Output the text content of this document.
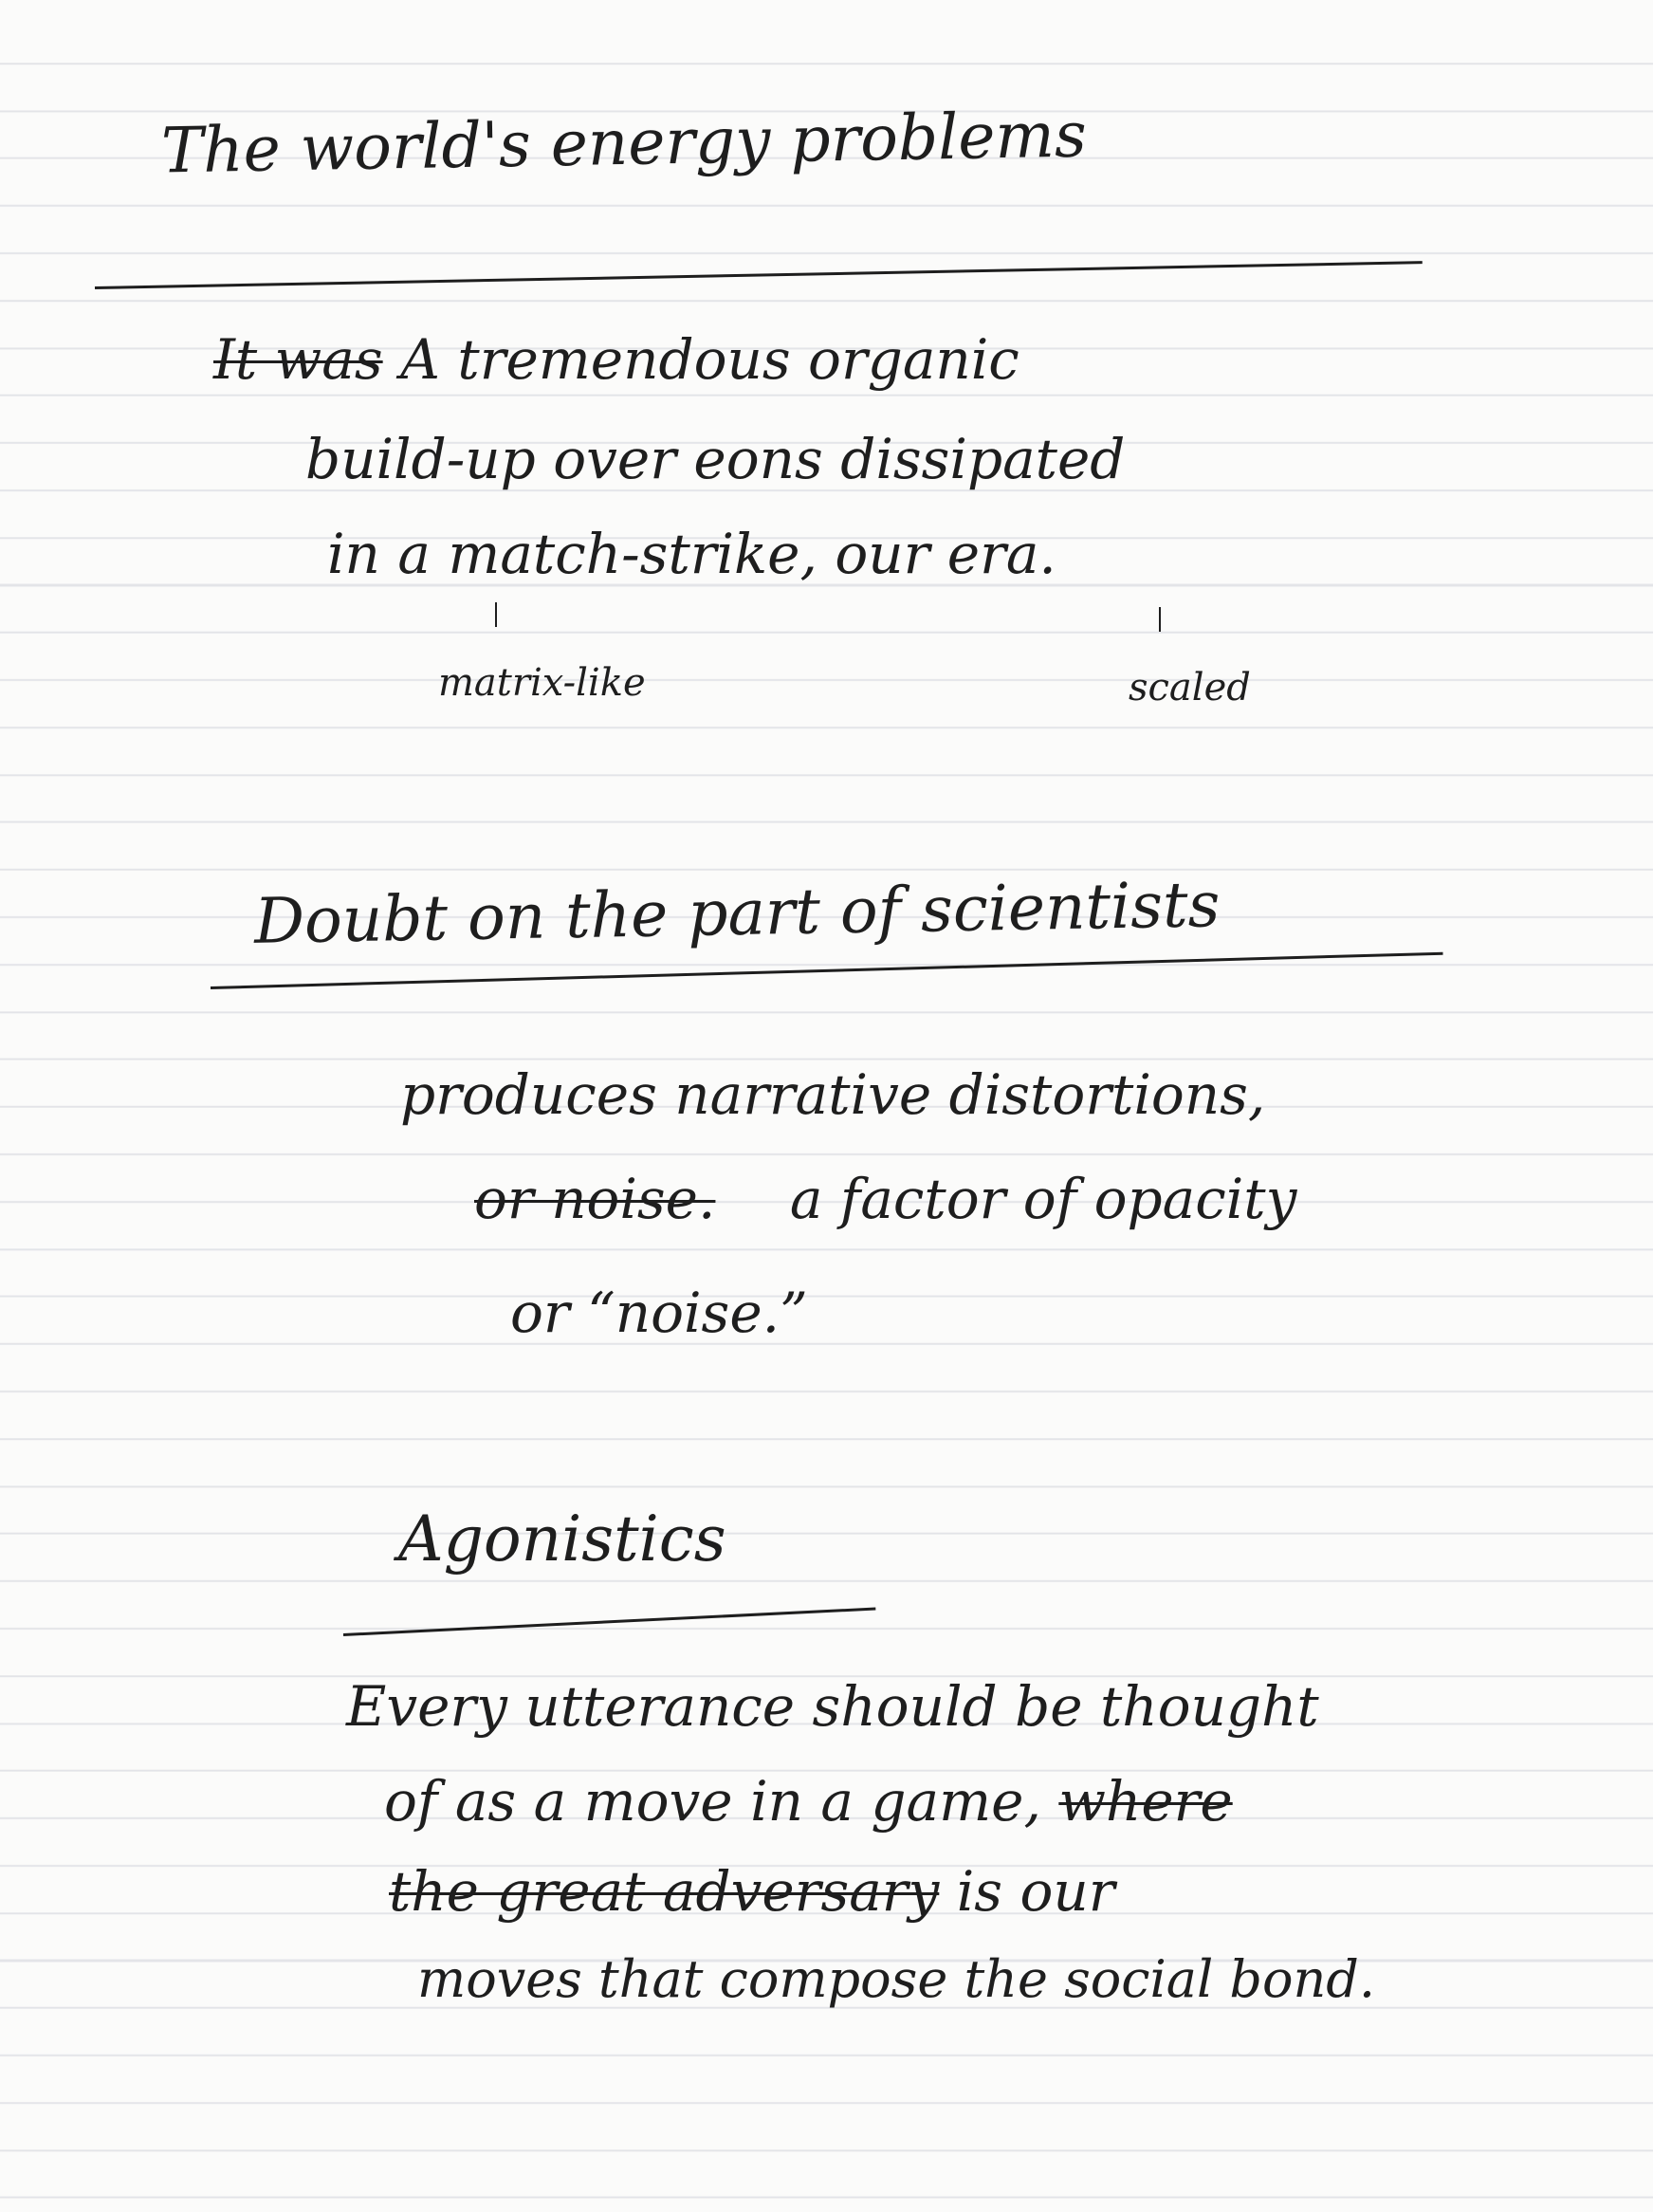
The world's energy problems
It was A tremendous organic
build-up over eons dissipated
in a match-strike, our era.
matrix-like	scaled
Doubt on the part of scientists
produces narrative distortions,
or noise. a factor of opacity
or “noise.”
Agonistics
Every utterance should be thought
of as a move in a game, where
the great adversary is our
moves that compose the social bond.
